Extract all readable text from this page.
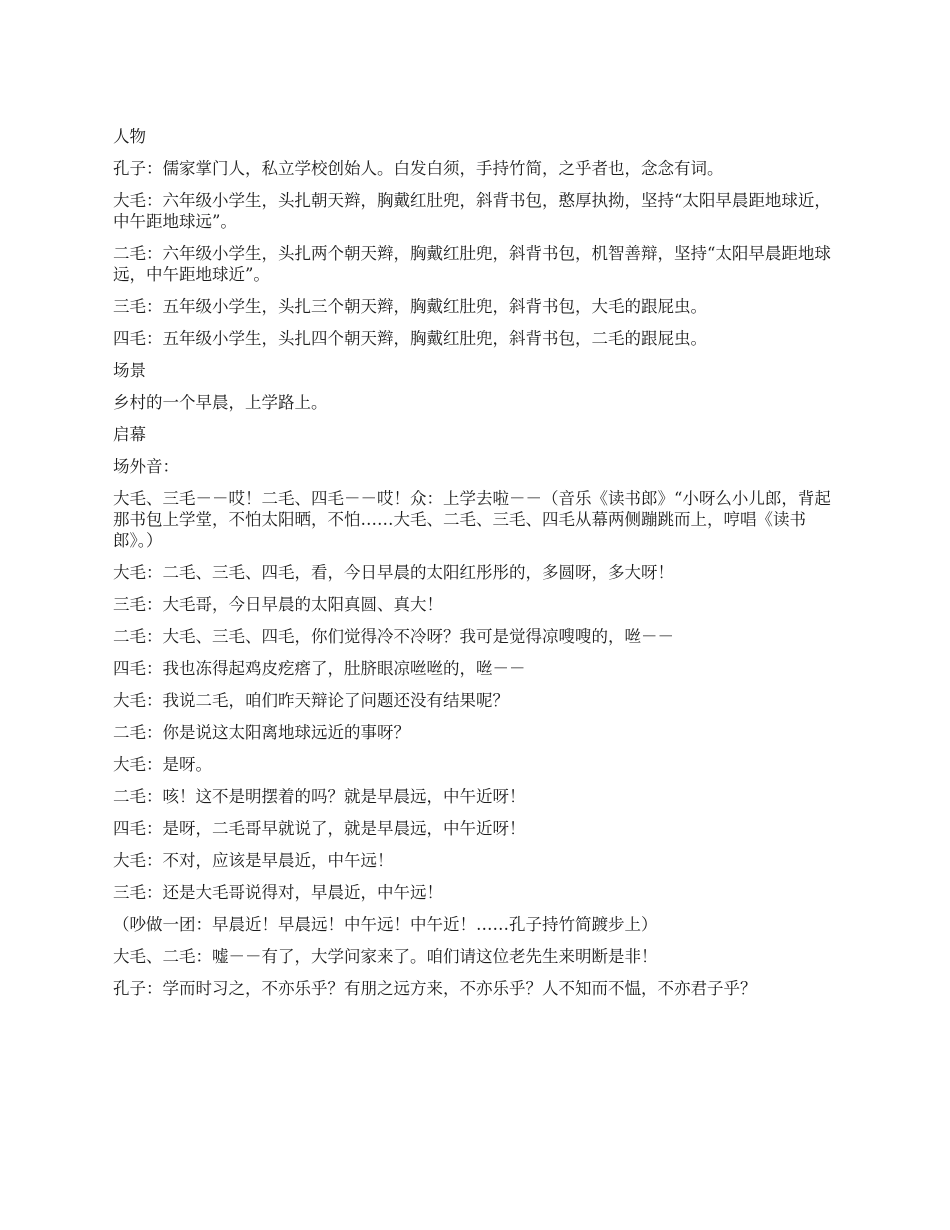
人物

孔子：儒家掌门人，私立学校创始人。白发白须，手持竹简，之乎者也，念念有词。

大毛：六年级小学生，头扎朝天辫，胸戴红肚兜，斜背书包，憨厚执拗，坚持“太阳早晨距地球近，中午距地球远”。

二毛：六年级小学生，头扎两个朝天辫，胸戴红肚兜，斜背书包，机智善辩，坚持“太阳早晨距地球远，中午距地球近”。

三毛：五年级小学生，头扎三个朝天辫，胸戴红肚兜，斜背书包，大毛的跟屁虫。

四毛：五年级小学生，头扎四个朝天辫，胸戴红肚兜，斜背书包，二毛的跟屁虫。

场景

乡村的一个早晨，上学路上。

启幕

场外音：

大毛、三毛－－哎！二毛、四毛－－哎！众：上学去啦－－（音乐《读书郎》“小呀么小儿郎，背起那书包上学堂，不怕太阳晒，不怕……大毛、二毛、三毛、四毛从幕两侧蹦跳而上，哼唱《读书郎》。）

大毛：二毛、三毛、四毛，看，今日早晨的太阳红彤彤的，多圆呀，多大呀！

三毛：大毛哥，今日早晨的太阳真圆、真大！

二毛：大毛、三毛、四毛，你们觉得冷不冷呀？我可是觉得凉嗖嗖的，咝－－

四毛：我也冻得起鸡皮疙瘩了，肚脐眼凉咝咝的，咝－－

大毛：我说二毛，咱们昨天辩论了问题还没有结果呢？

二毛：你是说这太阳离地球远近的事呀？

大毛：是呀。

二毛：咳！这不是明摆着的吗？就是早晨远，中午近呀！

四毛：是呀，二毛哥早就说了，就是早晨远，中午近呀！

大毛：不对，应该是早晨近，中午远！

三毛：还是大毛哥说得对，早晨近，中午远！

（吵做一团：早晨近！早晨远！中午远！中午近！……孔子持竹简踱步上）

大毛、二毛：嘘－－有了，大学问家来了。咱们请这位老先生来明断是非！

孔子：学而时习之，不亦乐乎？有朋之远方来，不亦乐乎？人不知而不愠，不亦君子乎？
